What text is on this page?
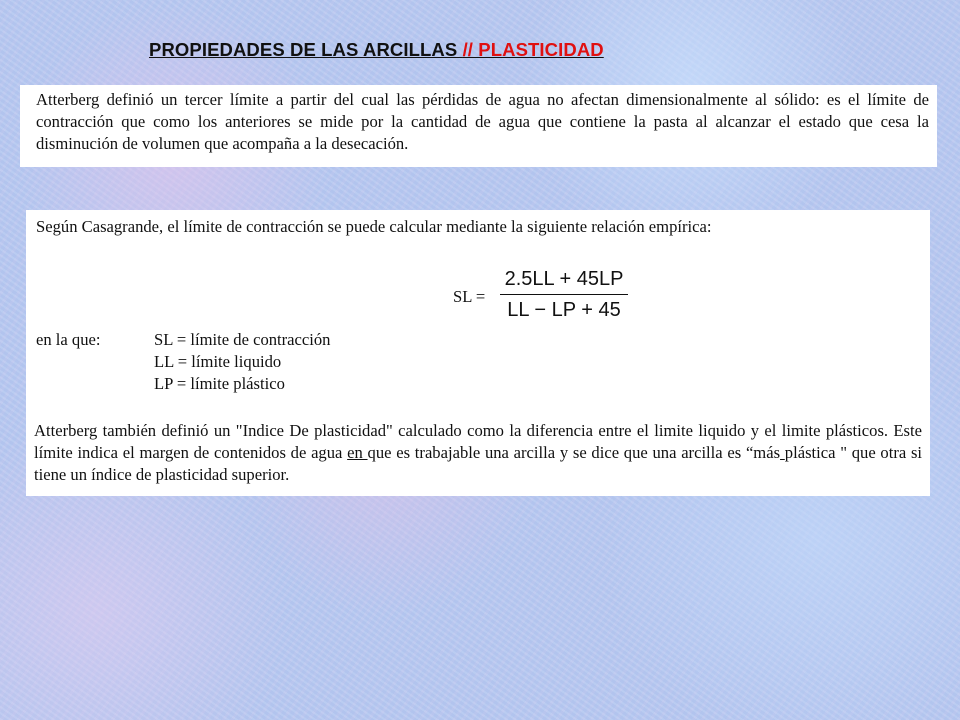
PROPIEDADES DE LAS ARCILLAS // PLASTICIDAD

Atterberg definió un tercer límite a partir del cual las pérdidas de agua no afectan dimensionalmente al sólido: es el límite de contracción que como los anteriores se mide por la cantidad de agua que contiene la pasta al alcanzar el estado que cesa la disminución de volumen que acompaña a la desecación.

Según Casagrande, el límite de contracción se puede calcular mediante la siguiente relación empírica:

SL = $\frac{2.5LL + 45LP}{LL - LP + 45}$
en la que:	SL = límite de contracción
LL = límite liquido
LP = límite plástico

Atterberg también definió un "Indice De plasticidad" calculado como la diferencia entre el limite liquido y el limite plásticos. Este límite indica el margen de contenidos de agua en que es trabajable una arcilla y se dice que una arcilla es “más plástica " que otra si tiene un índice de plasticidad superior.
